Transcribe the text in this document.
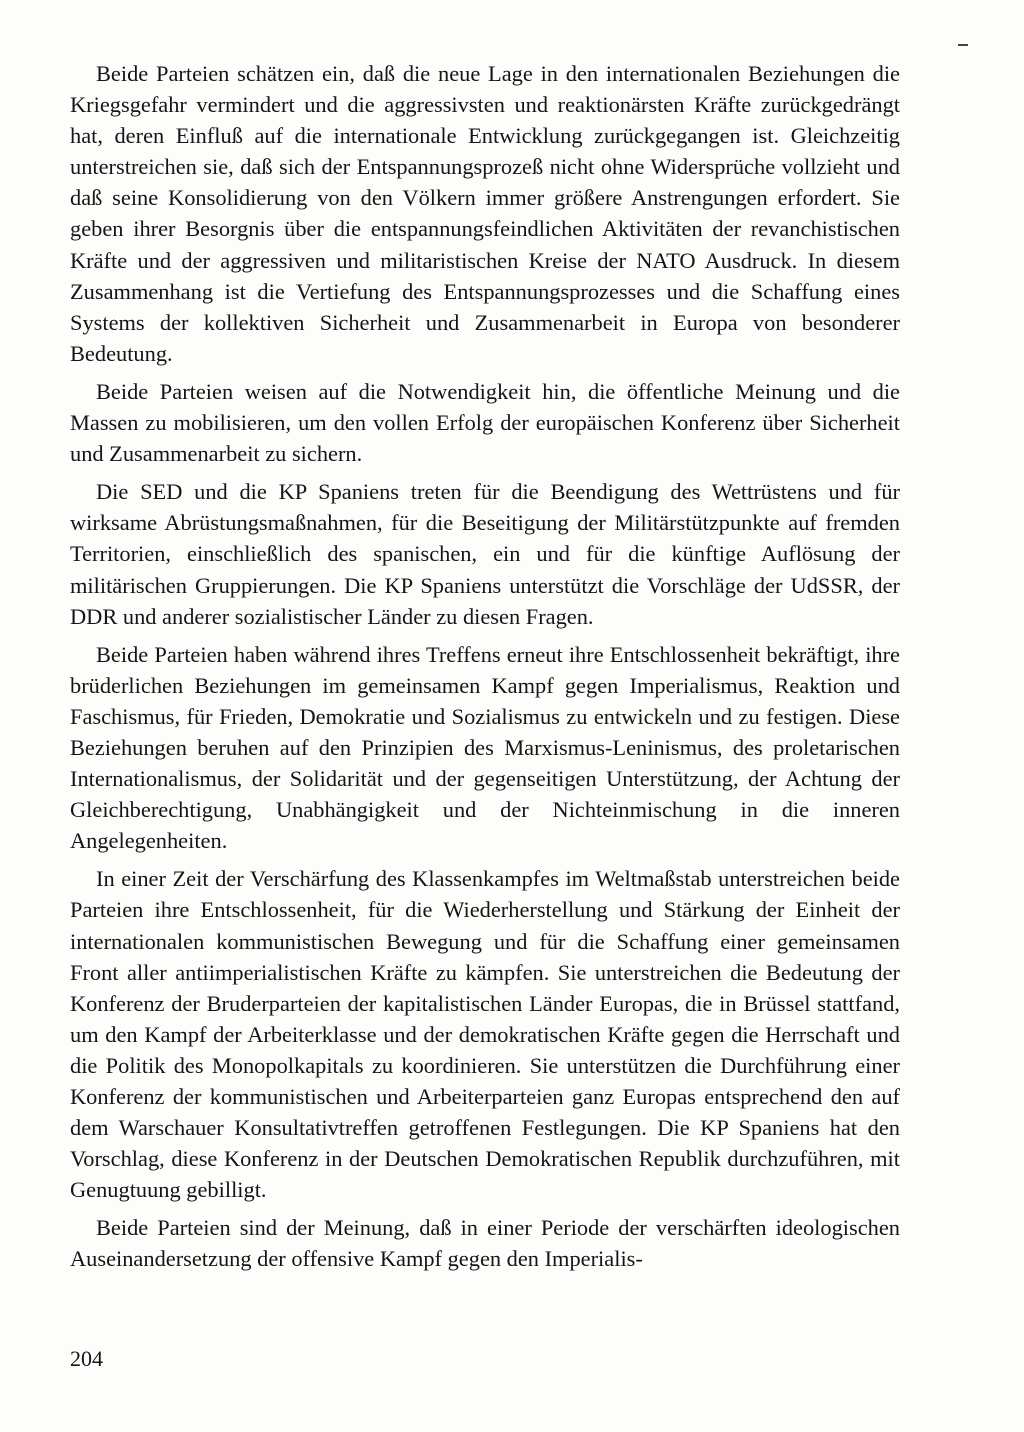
Beide Parteien schätzen ein, daß die neue Lage in den internationalen Beziehungen die Kriegsgefahr vermindert und die aggressivsten und reaktionärsten Kräfte zurückgedrängt hat, deren Einfluß auf die internationale Entwicklung zurückgegangen ist. Gleichzeitig unterstreichen sie, daß sich der Entspannungsprozeß nicht ohne Widersprüche vollzieht und daß seine Konsolidierung von den Völkern immer größere Anstrengungen erfordert. Sie geben ihrer Besorgnis über die entspannungsfeindlichen Aktivitäten der revanchistischen Kräfte und der aggressiven und militaristischen Kreise der NATO Ausdruck. In diesem Zusammenhang ist die Vertiefung des Entspannungsprozesses und die Schaffung eines Systems der kollektiven Sicherheit und Zusammenarbeit in Europa von besonderer Bedeutung.

Beide Parteien weisen auf die Notwendigkeit hin, die öffentliche Meinung und die Massen zu mobilisieren, um den vollen Erfolg der europäischen Konferenz über Sicherheit und Zusammenarbeit zu sichern.

Die SED und die KP Spaniens treten für die Beendigung des Wettrüstens und für wirksame Abrüstungsmaßnahmen, für die Beseitigung der Militärstützpunkte auf fremden Territorien, einschließlich des spanischen, ein und für die künftige Auflösung der militärischen Gruppierungen. Die KP Spaniens unterstützt die Vorschläge der UdSSR, der DDR und anderer sozialistischer Länder zu diesen Fragen.

Beide Parteien haben während ihres Treffens erneut ihre Entschlossenheit bekräftigt, ihre brüderlichen Beziehungen im gemeinsamen Kampf gegen Imperialismus, Reaktion und Faschismus, für Frieden, Demokratie und Sozialismus zu entwickeln und zu festigen. Diese Beziehungen beruhen auf den Prinzipien des Marxismus-Leninismus, des proletarischen Internationalismus, der Solidarität und der gegenseitigen Unterstützung, der Achtung der Gleichberechtigung, Unabhängigkeit und der Nichteinmischung in die inneren Angelegenheiten.

In einer Zeit der Verschärfung des Klassenkampfes im Weltmaßstab unterstreichen beide Parteien ihre Entschlossenheit, für die Wiederherstellung und Stärkung der Einheit der internationalen kommunistischen Bewegung und für die Schaffung einer gemeinsamen Front aller antiimperialistischen Kräfte zu kämpfen. Sie unterstreichen die Bedeutung der Konferenz der Bruderparteien der kapitalistischen Länder Europas, die in Brüssel stattfand, um den Kampf der Arbeiterklasse und der demokratischen Kräfte gegen die Herrschaft und die Politik des Monopolkapitals zu koordinieren. Sie unterstützen die Durchführung einer Konferenz der kommunistischen und Arbeiterparteien ganz Europas entsprechend den auf dem Warschauer Konsultativtreffen getroffenen Festlegungen. Die KP Spaniens hat den Vorschlag, diese Konferenz in der Deutschen Demokratischen Republik durchzuführen, mit Genugtuung gebilligt.

Beide Parteien sind der Meinung, daß in einer Periode der verschärften ideologischen Auseinandersetzung der offensive Kampf gegen den Imperialis-

204
